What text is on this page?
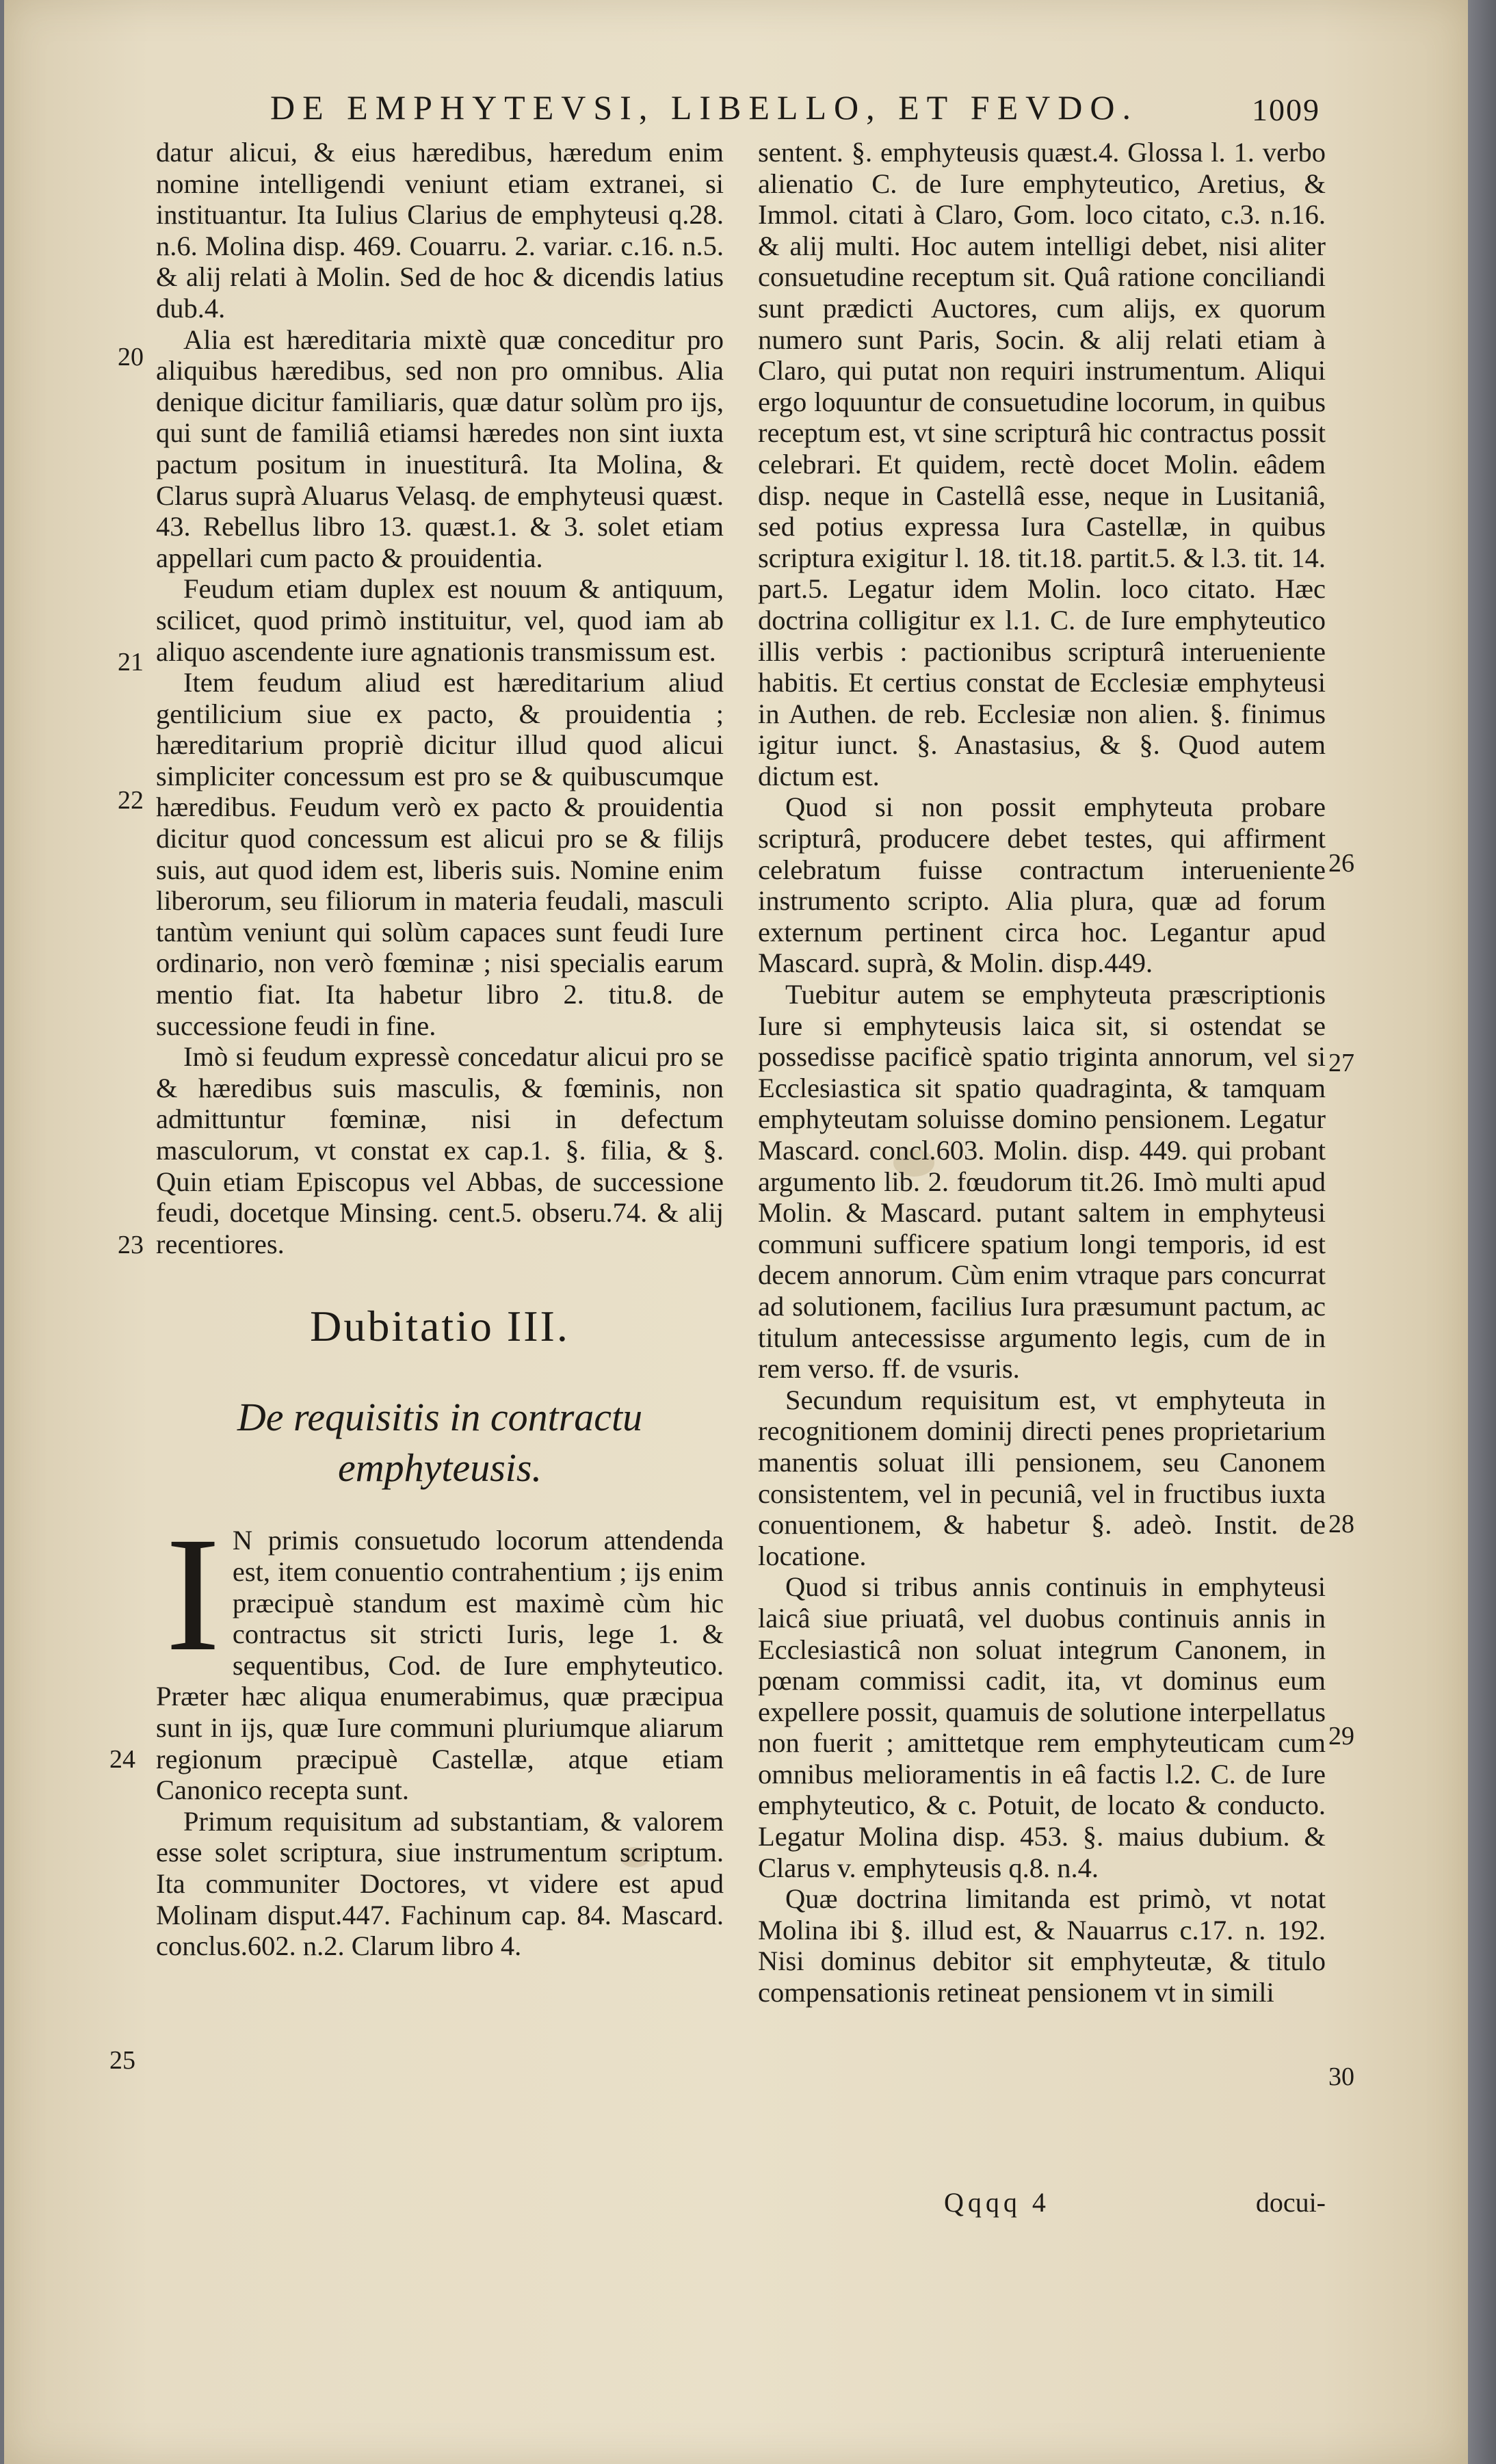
DE EMPHYTEVSI, LIBELLO, ET FEVDO.	1009

datur alicui, & eius hæredibus, hæredum enim nomine intelligendi veniunt etiam extranei, si instituantur. Ita Iulius Clarius de emphyteusi q.28. n.6. Molina disp. 469. Couarru. 2. variar. c.16. n.5. & alij relati à Molin. Sed de hoc & dicendis latius dub.4.

Alia est hæreditaria mixtè quæ conceditur pro aliquibus hæredibus, sed non pro omnibus. Alia denique dicitur familiaris, quæ datur solùm pro ijs, qui sunt de familiâ etiamsi hæredes non sint iuxta pactum positum in inuestiturâ. Ita Molina, & Clarus suprà Aluarus Velasq. de emphyteusi quæst. 43. Rebellus libro 13. quæst.1. & 3. solet etiam appellari cum pacto & prouidentia.

Feudum etiam duplex est nouum & antiquum, scilicet, quod primò instituitur, vel, quod iam ab aliquo ascendente iure agnationis transmissum est.

Item feudum aliud est hæreditarium aliud gentilicium siue ex pacto, & prouidentia ; hæreditarium propriè dicitur illud quod alicui simpliciter concessum est pro se & quibuscumque hæredibus. Feudum verò ex pacto & prouidentia dicitur quod concessum est alicui pro se & filijs suis, aut quod idem est, liberis suis. Nomine enim liberorum, seu filiorum in materia feudali, masculi tantùm veniunt qui solùm capaces sunt feudi Iure ordinario, non verò fœminæ ; nisi specialis earum mentio fiat. Ita habetur libro 2. titu.8. de successione feudi in fine.

Imò si feudum expressè concedatur alicui pro se & hæredibus suis masculis, & fœminis, non admittuntur fœminæ, nisi in defectum masculorum, vt constat ex cap.1. §. filia, & §. Quin etiam Episcopus vel Abbas, de successione feudi, docetque Minsing. cent.5. obseru.74. & alij recentiores.

Dubitatio III.
De requisitis in contractu emphyteusis.

I N primis consuetudo locorum attendenda est, item conuentio contrahentium ; ijs enim præcipuè standum est maximè cùm hic contractus sit stricti Iuris, lege 1. & sequentibus, Cod. de Iure emphyteutico. Præter hæc aliqua enumerabimus, quæ præcipua sunt in ijs, quæ Iure communi pluriumque aliarum regionum præcipuè Castellæ, atque etiam Canonico recepta sunt.

Primum requisitum ad substantiam, & valorem esse solet scriptura, siue instrumentum scriptum. Ita communiter Doctores, vt videre est apud Molinam disput.447. Fachinum cap. 84. Mascard. conclus.602. n.2. Clarum libro 4.

sentent. §. emphyteusis quæst.4. Glossa l. 1. verbo alienatio C. de Iure emphyteutico, Aretius, & Immol. citati à Claro, Gom. loco citato, c.3. n.16. & alij multi. Hoc autem intelligi debet, nisi aliter consuetudine receptum sit. Quâ ratione conciliandi sunt prædicti Auctores, cum alijs, ex quorum numero sunt Paris, Socin. & alij relati etiam à Claro, qui putat non requiri instrumentum. Aliqui ergo loquuntur de consuetudine locorum, in quibus receptum est, vt sine scripturâ hic contractus possit celebrari. Et quidem, rectè docet Molin. eâdem disp. neque in Castellâ esse, neque in Lusitaniâ, sed potius expressa Iura Castellæ, in quibus scriptura exigitur l. 18. tit.18. partit.5. & l.3. tit. 14. part.5. Legatur idem Molin. loco citato. Hæc doctrina colligitur ex l.1. C. de Iure emphyteutico illis verbis : pactionibus scripturâ interueniente habitis. Et certius constat de Ecclesiæ emphyteusi in Authen. de reb. Ecclesiæ non alien. §. finimus igitur iunct. §. Anastasius, & §. Quod autem dictum est.

Quod si non possit emphyteuta probare scripturâ, producere debet testes, qui affirment celebratum fuisse contractum interueniente instrumento scripto. Alia plura, quæ ad forum externum pertinent circa hoc. Legantur apud Mascard. suprà, & Molin. disp.449.

Tuebitur autem se emphyteuta præscriptionis Iure si emphyteusis laica sit, si ostendat se possedisse pacificè spatio triginta annorum, vel si Ecclesiastica sit spatio quadraginta, & tamquam emphyteutam soluisse domino pensionem. Legatur Mascard. concl.603. Molin. disp. 449. qui probant argumento lib. 2. fœudorum tit.26. Imò multi apud Molin. & Mascard. putant saltem in emphyteusi communi sufficere spatium longi temporis, id est decem annorum. Cùm enim vtraque pars concurrat ad solutionem, facilius Iura præsumunt pactum, ac titulum antecessisse argumento legis, cum de in rem verso. ff. de vsuris.

Secundum requisitum est, vt emphyteuta in recognitionem dominij directi penes proprietarium manentis soluat illi pensionem, seu Canonem consistentem, vel in pecuniâ, vel in fructibus iuxta conuentionem, & habetur §. adeò. Instit. de locatione.

Quod si tribus annis continuis in emphyteusi laicâ siue priuatâ, vel duobus continuis annis in Ecclesiasticâ non soluat integrum Canonem, in pœnam commissi cadit, ita, vt dominus eum expellere possit, quamuis de solutione interpellatus non fuerit ; amittetque rem emphyteuticam cum omnibus melioramentis in eâ factis l.2. C. de Iure emphyteutico, & c. Potuit, de locato & conducto. Legatur Molina disp. 453. §. maius dubium. & Clarus v. emphyteusis q.8. n.4.

Quæ doctrina limitanda est primò, vt notat Molina ibi §. illud est, & Nauarrus c.17. n. 192. Nisi dominus debitor sit emphyteutæ, & titulo compensationis retineat pensionem vt in simili

20
21
22
23
24
25
26
27
28
29
30
Qqqq 4	docui-
